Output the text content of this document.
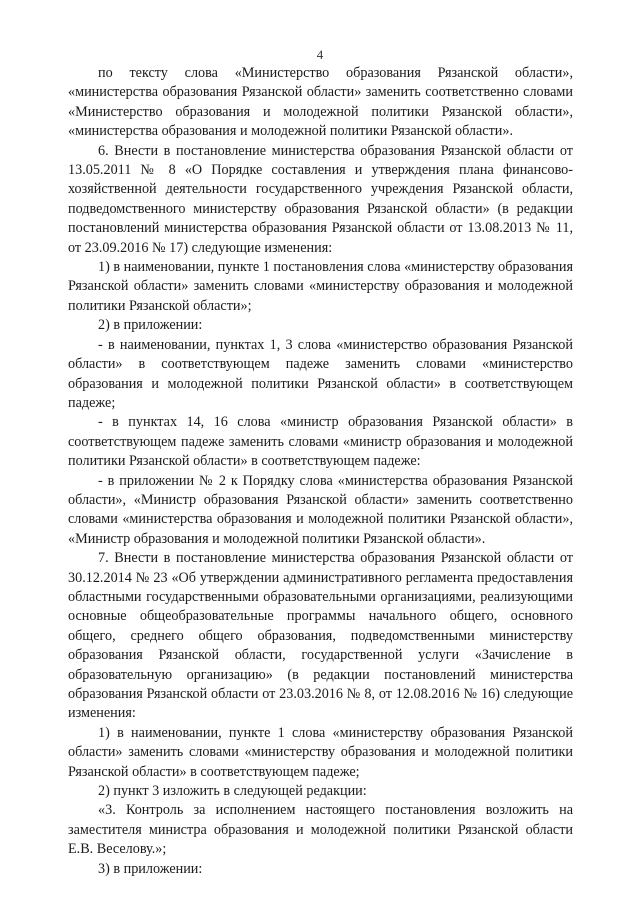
4

по тексту слова «Министерство образования Рязанской области», «министерства образования Рязанской области» заменить соответственно словами «Министерство образования и молодежной политики Рязанской области», «министерства образования и молодежной политики Рязанской области».

6. Внести в постановление министерства образования Рязанской области от 13.05.2011 № 8 «О Порядке составления и утверждения плана финансово-хозяйственной деятельности государственного учреждения Рязанской области, подведомственного министерству образования Рязанской области» (в редакции постановлений министерства образования Рязанской области от 13.08.2013 № 11, от 23.09.2016 № 17) следующие изменения:

1) в наименовании, пункте 1 постановления слова «министерству образования Рязанской области» заменить словами «министерству образования и молодежной политики Рязанской области»;

2) в приложении:

- в наименовании, пунктах 1, 3 слова «министерство образования Рязанской области» в соответствующем падеже заменить словами «министерство образования и молодежной политики Рязанской области» в соответствующем падеже;

- в пунктах 14, 16 слова «министр образования Рязанской области» в соответствующем падеже заменить словами «министр образования и молодежной политики Рязанской области» в соответствующем падеже:

- в приложении № 2 к Порядку слова «министерства образования Рязанской области», «Министр образования Рязанской области» заменить соответственно словами «министерства образования и молодежной политики Рязанской области», «Министр образования и молодежной политики Рязанской области».

7. Внести в постановление министерства образования Рязанской области от 30.12.2014 № 23 «Об утверждении административного регламента предоставления областными государственными образовательными организациями, реализующими основные общеобразовательные программы начального общего, основного общего, среднего общего образования, подведомственными министерству образования Рязанской области, государственной услуги «Зачисление в образовательную организацию» (в редакции постановлений министерства образования Рязанской области от 23.03.2016 № 8, от 12.08.2016 № 16) следующие изменения:

1) в наименовании, пункте 1 слова «министерству образования Рязанской области» заменить словами «министерству образования и молодежной политики Рязанской области» в соответствующем падеже;

2) пункт 3 изложить в следующей редакции:

«3. Контроль за исполнением настоящего постановления возложить на заместителя министра образования и молодежной политики Рязанской области Е.В. Веселову.»;

3) в приложении:
